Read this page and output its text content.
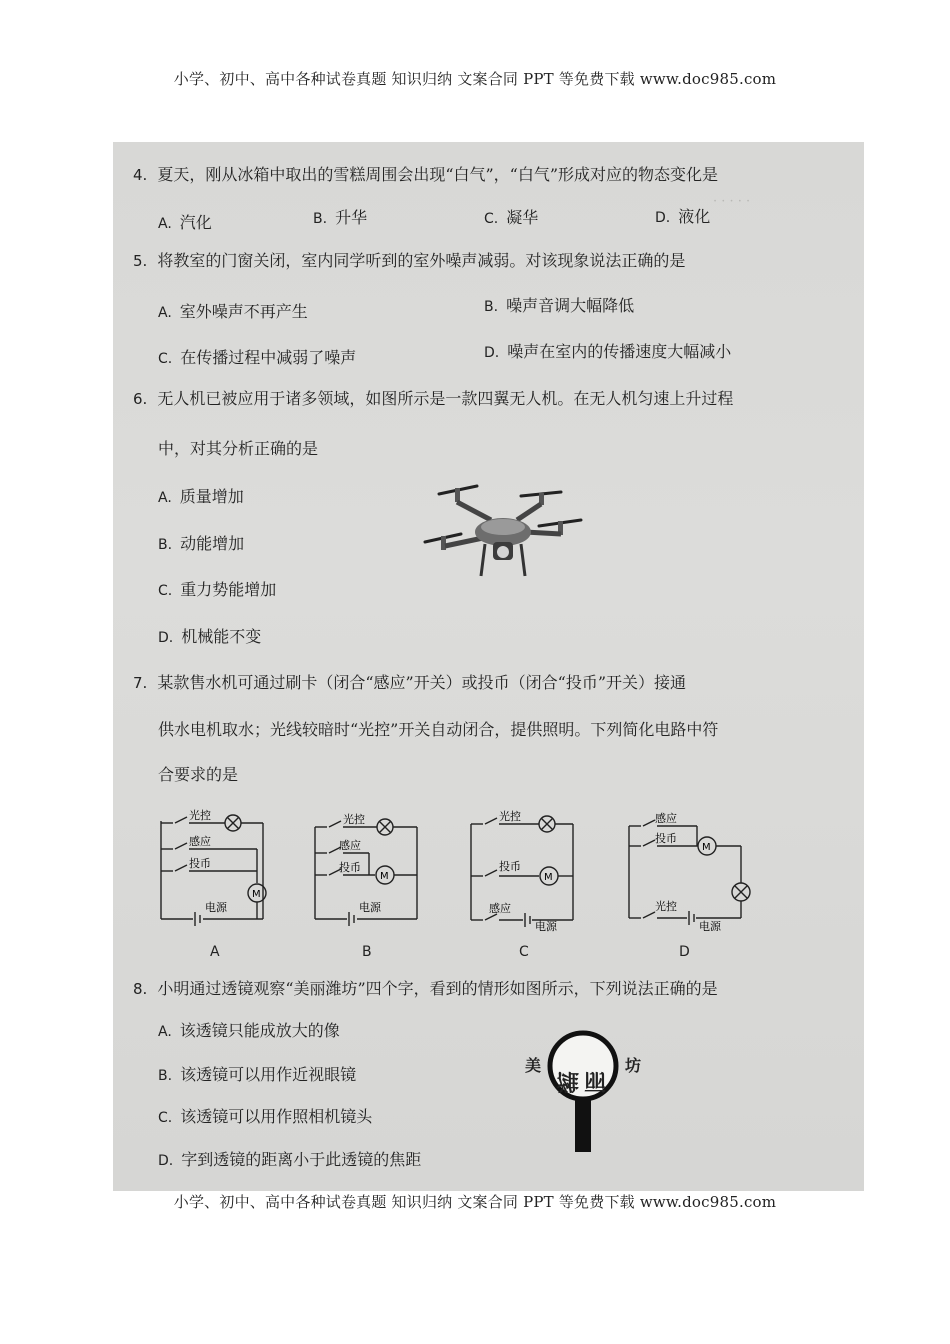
小学、初中、高中各种试卷真题 知识归纳 文案合同 PPT 等免费下载 www.doc985.com
· · · · ·
4. 夏天，刚从冰箱中取出的雪糕周围会出现“白气”，“白气”形成对应的物态变化是
A. 汽化	B. 升华	C. 凝华	D. 液化
5. 将教室的门窗关闭，室内同学听到的室外噪声减弱。对该现象说法正确的是
A. 室外噪声不再产生	B. 噪声音调大幅降低
C. 在传播过程中减弱了噪声	D. 噪声在室内的传播速度大幅减小
6. 无人机已被应用于诸多领域，如图所示是一款四翼无人机。在无人机匀速上升过程
中，对其分析正确的是
A. 质量增加
B. 动能增加
C. 重力势能增加
D. 机械能不变
7. 某款售水机可通过刷卡（闭合“感应”开关）或投币（闭合“投币”开关）接通
供水电机取水；光线较暗时“光控”开关自动闭合，提供照明。下列简化电路中符
合要求的是
光控
感应
投币
M
电源
A
光控
感应
投币
M
电源
B
光控
投币
M
感应
电源
C
感应
投币
M
光控
电源
D
8. 小明通过透镜观察“美丽潍坊”四个字，看到的情形如图所示，下列说法正确的是
A. 该透镜只能成放大的像
B. 该透镜可以用作近视眼镜
C. 该透镜可以用作照相机镜头
D. 字到透镜的距离小于此透镜的焦距
美
潍 丽
坊
小学、初中、高中各种试卷真题 知识归纳 文案合同 PPT 等免费下载 www.doc985.com
